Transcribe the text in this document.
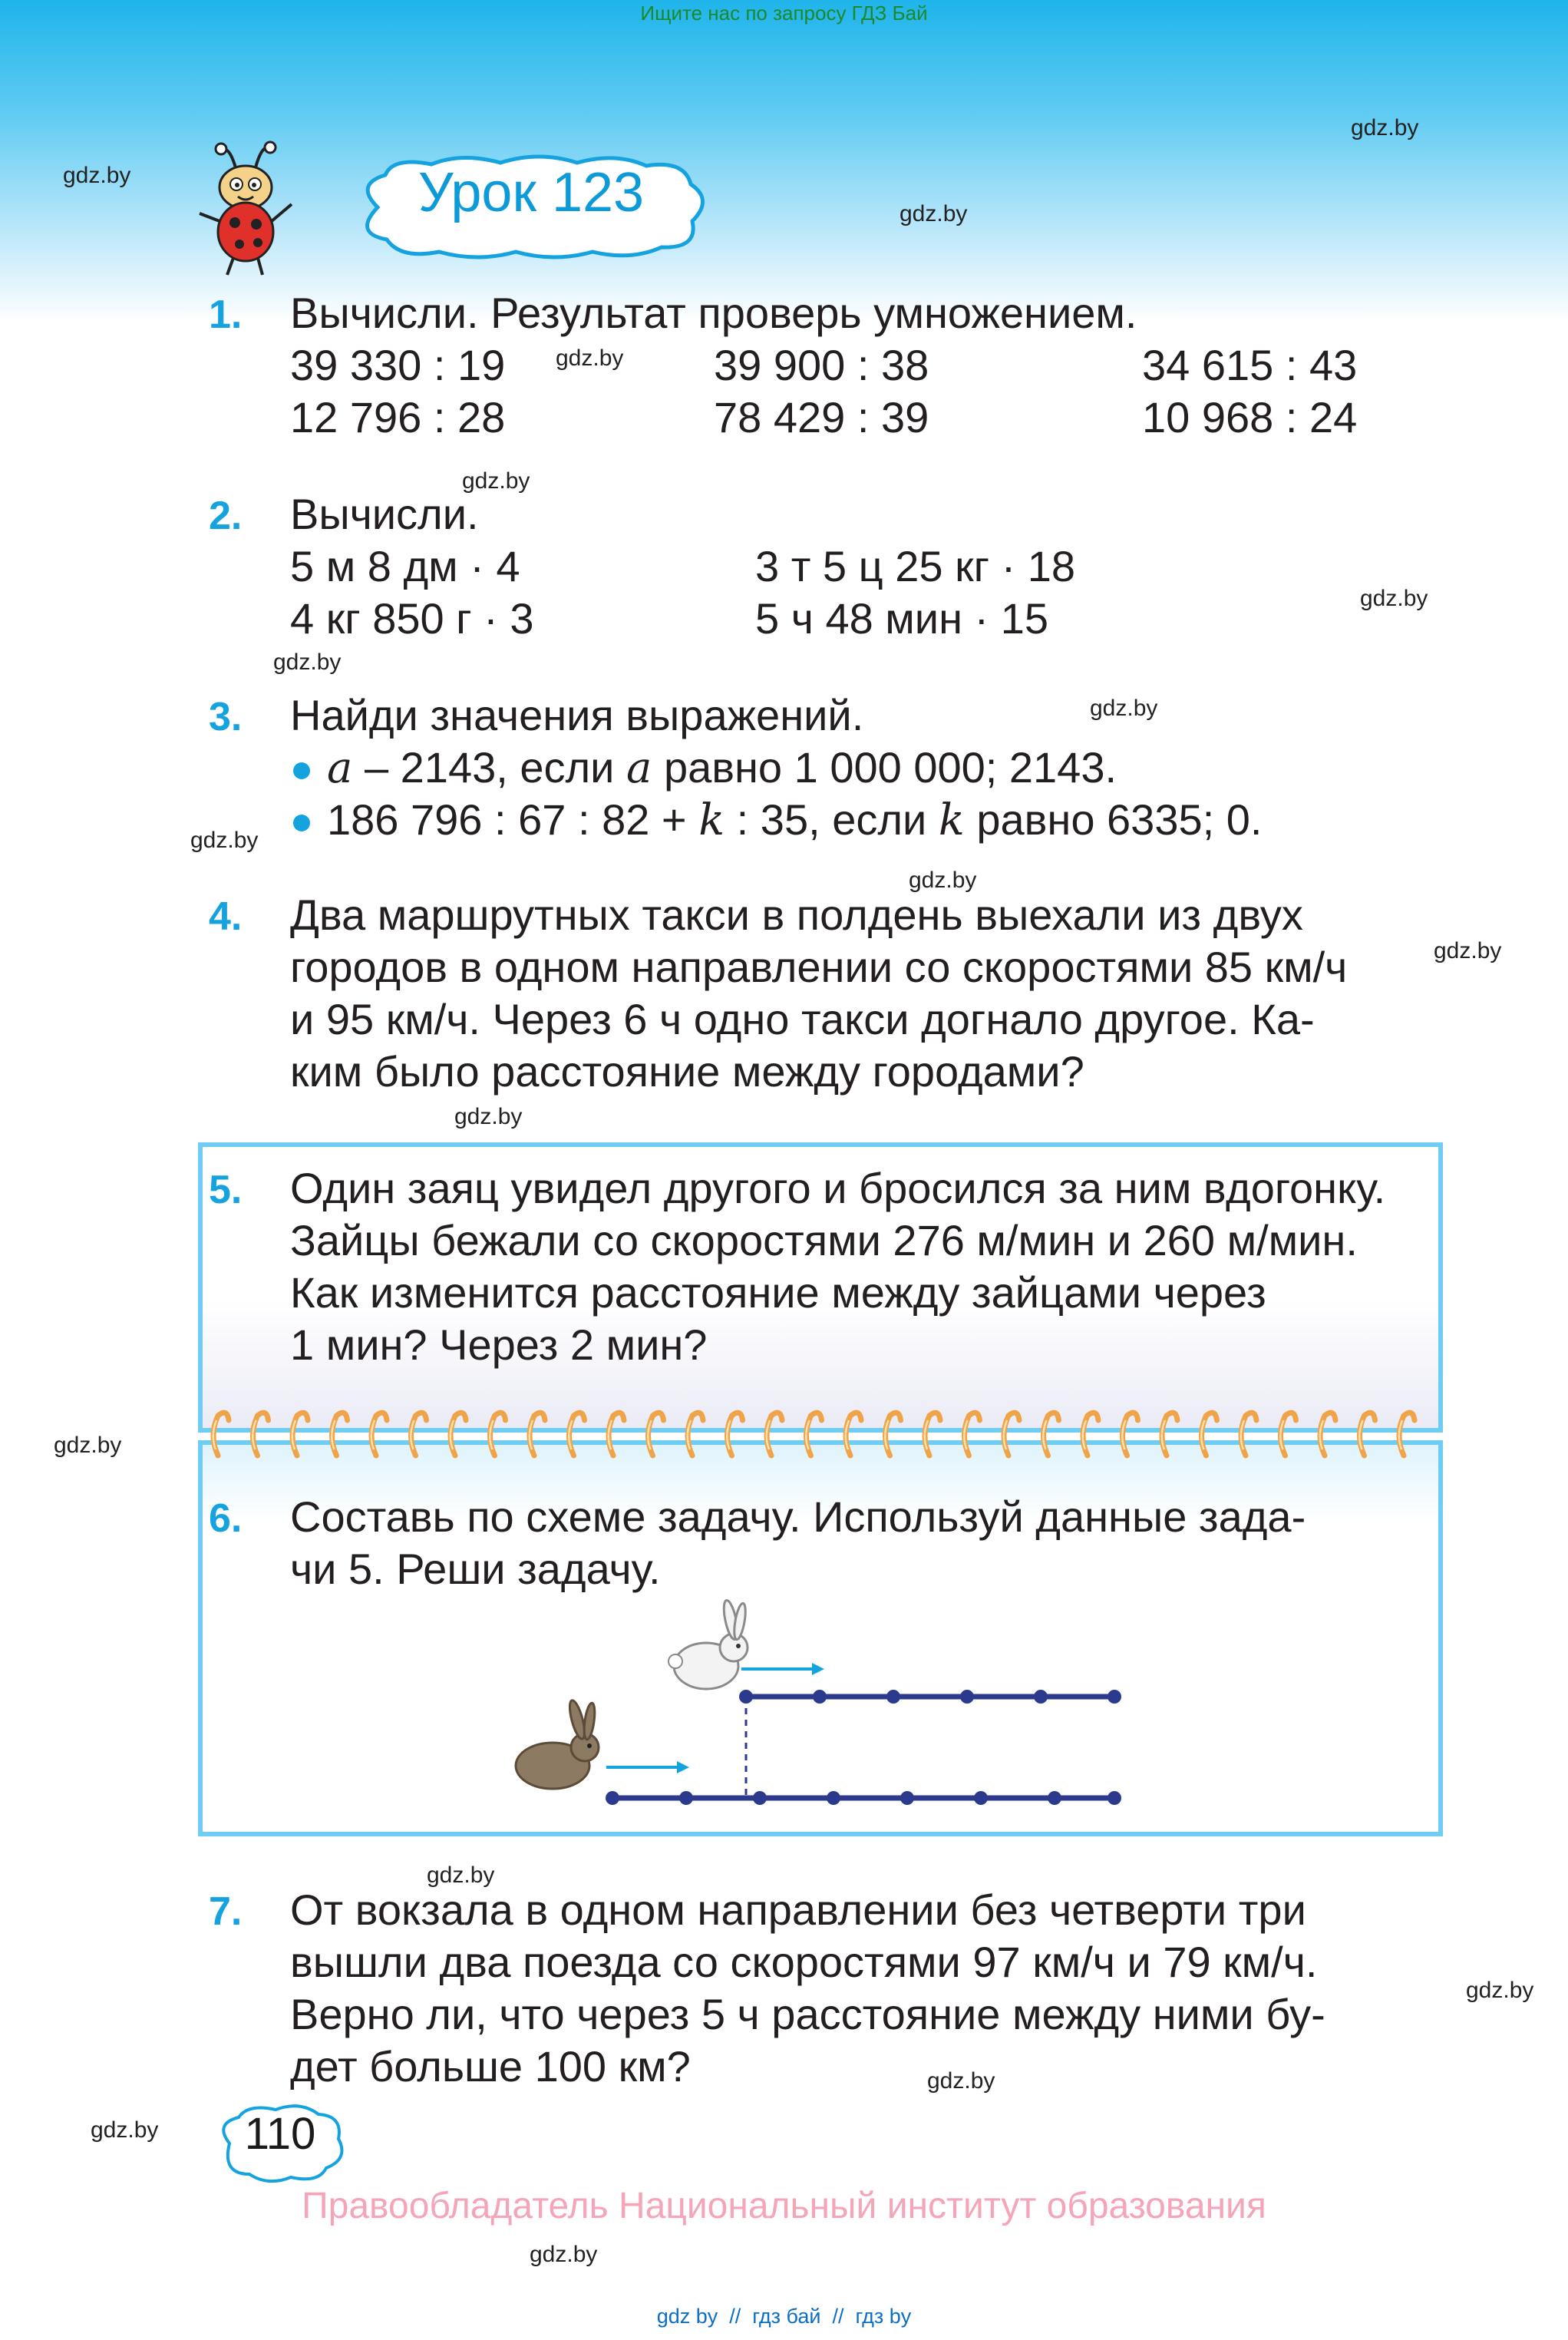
Ищите нас по запросу ГДЗ Бай
gdz.by
gdz.by
gdz.by
gdz.by
gdz.by
gdz.by
gdz.by
gdz.by
gdz.by
gdz.by
gdz.by
gdz.by
gdz.by
gdz.by
gdz.by
gdz.by
gdz.by
gdz.by
Урок 123
1. Вычисли. Результат проверь умножением.
39 330 : 19	39 900 : 38	34 615 : 43
12 796 : 28	78 429 : 39	10 968 : 24
2. Вычисли.
5 м 8 дм · 4	3 т 5 ц 25 кг · 18
4 кг 850 г · 3	5 ч 48 мин · 15
3. Найди значения выражений.
a – 2143, если a равно 1 000 000; 2143.
186 796 : 67 : 82 + k : 35, если k равно 6335; 0.
4. Два маршрутных такси в полдень выехали из двух
городов в одном направлении со скоростями 85 км/ч
и 95 км/ч. Через 6 ч одно такси догнало другое. Ка-
ким было расстояние между городами?
5. Один заяц увидел другого и бросился за ним вдогонку.
Зайцы бежали со скоростями 276 м/мин и 260 м/мин.
Как изменится расстояние между зайцами через
1 мин? Через 2 мин?
6. Составь по схеме задачу. Используй данные зада-
чи 5. Реши задачу.
7. От вокзала в одном направлении без четверти три
вышли два поезда со скоростями 97 км/ч и 79 км/ч.
Верно ли, что через 5 ч расстояние между ними бу-
дет больше 100 км?
110
Правообладатель Национальный институт образования
gdz by  //  гдз бай  //  гдз by
